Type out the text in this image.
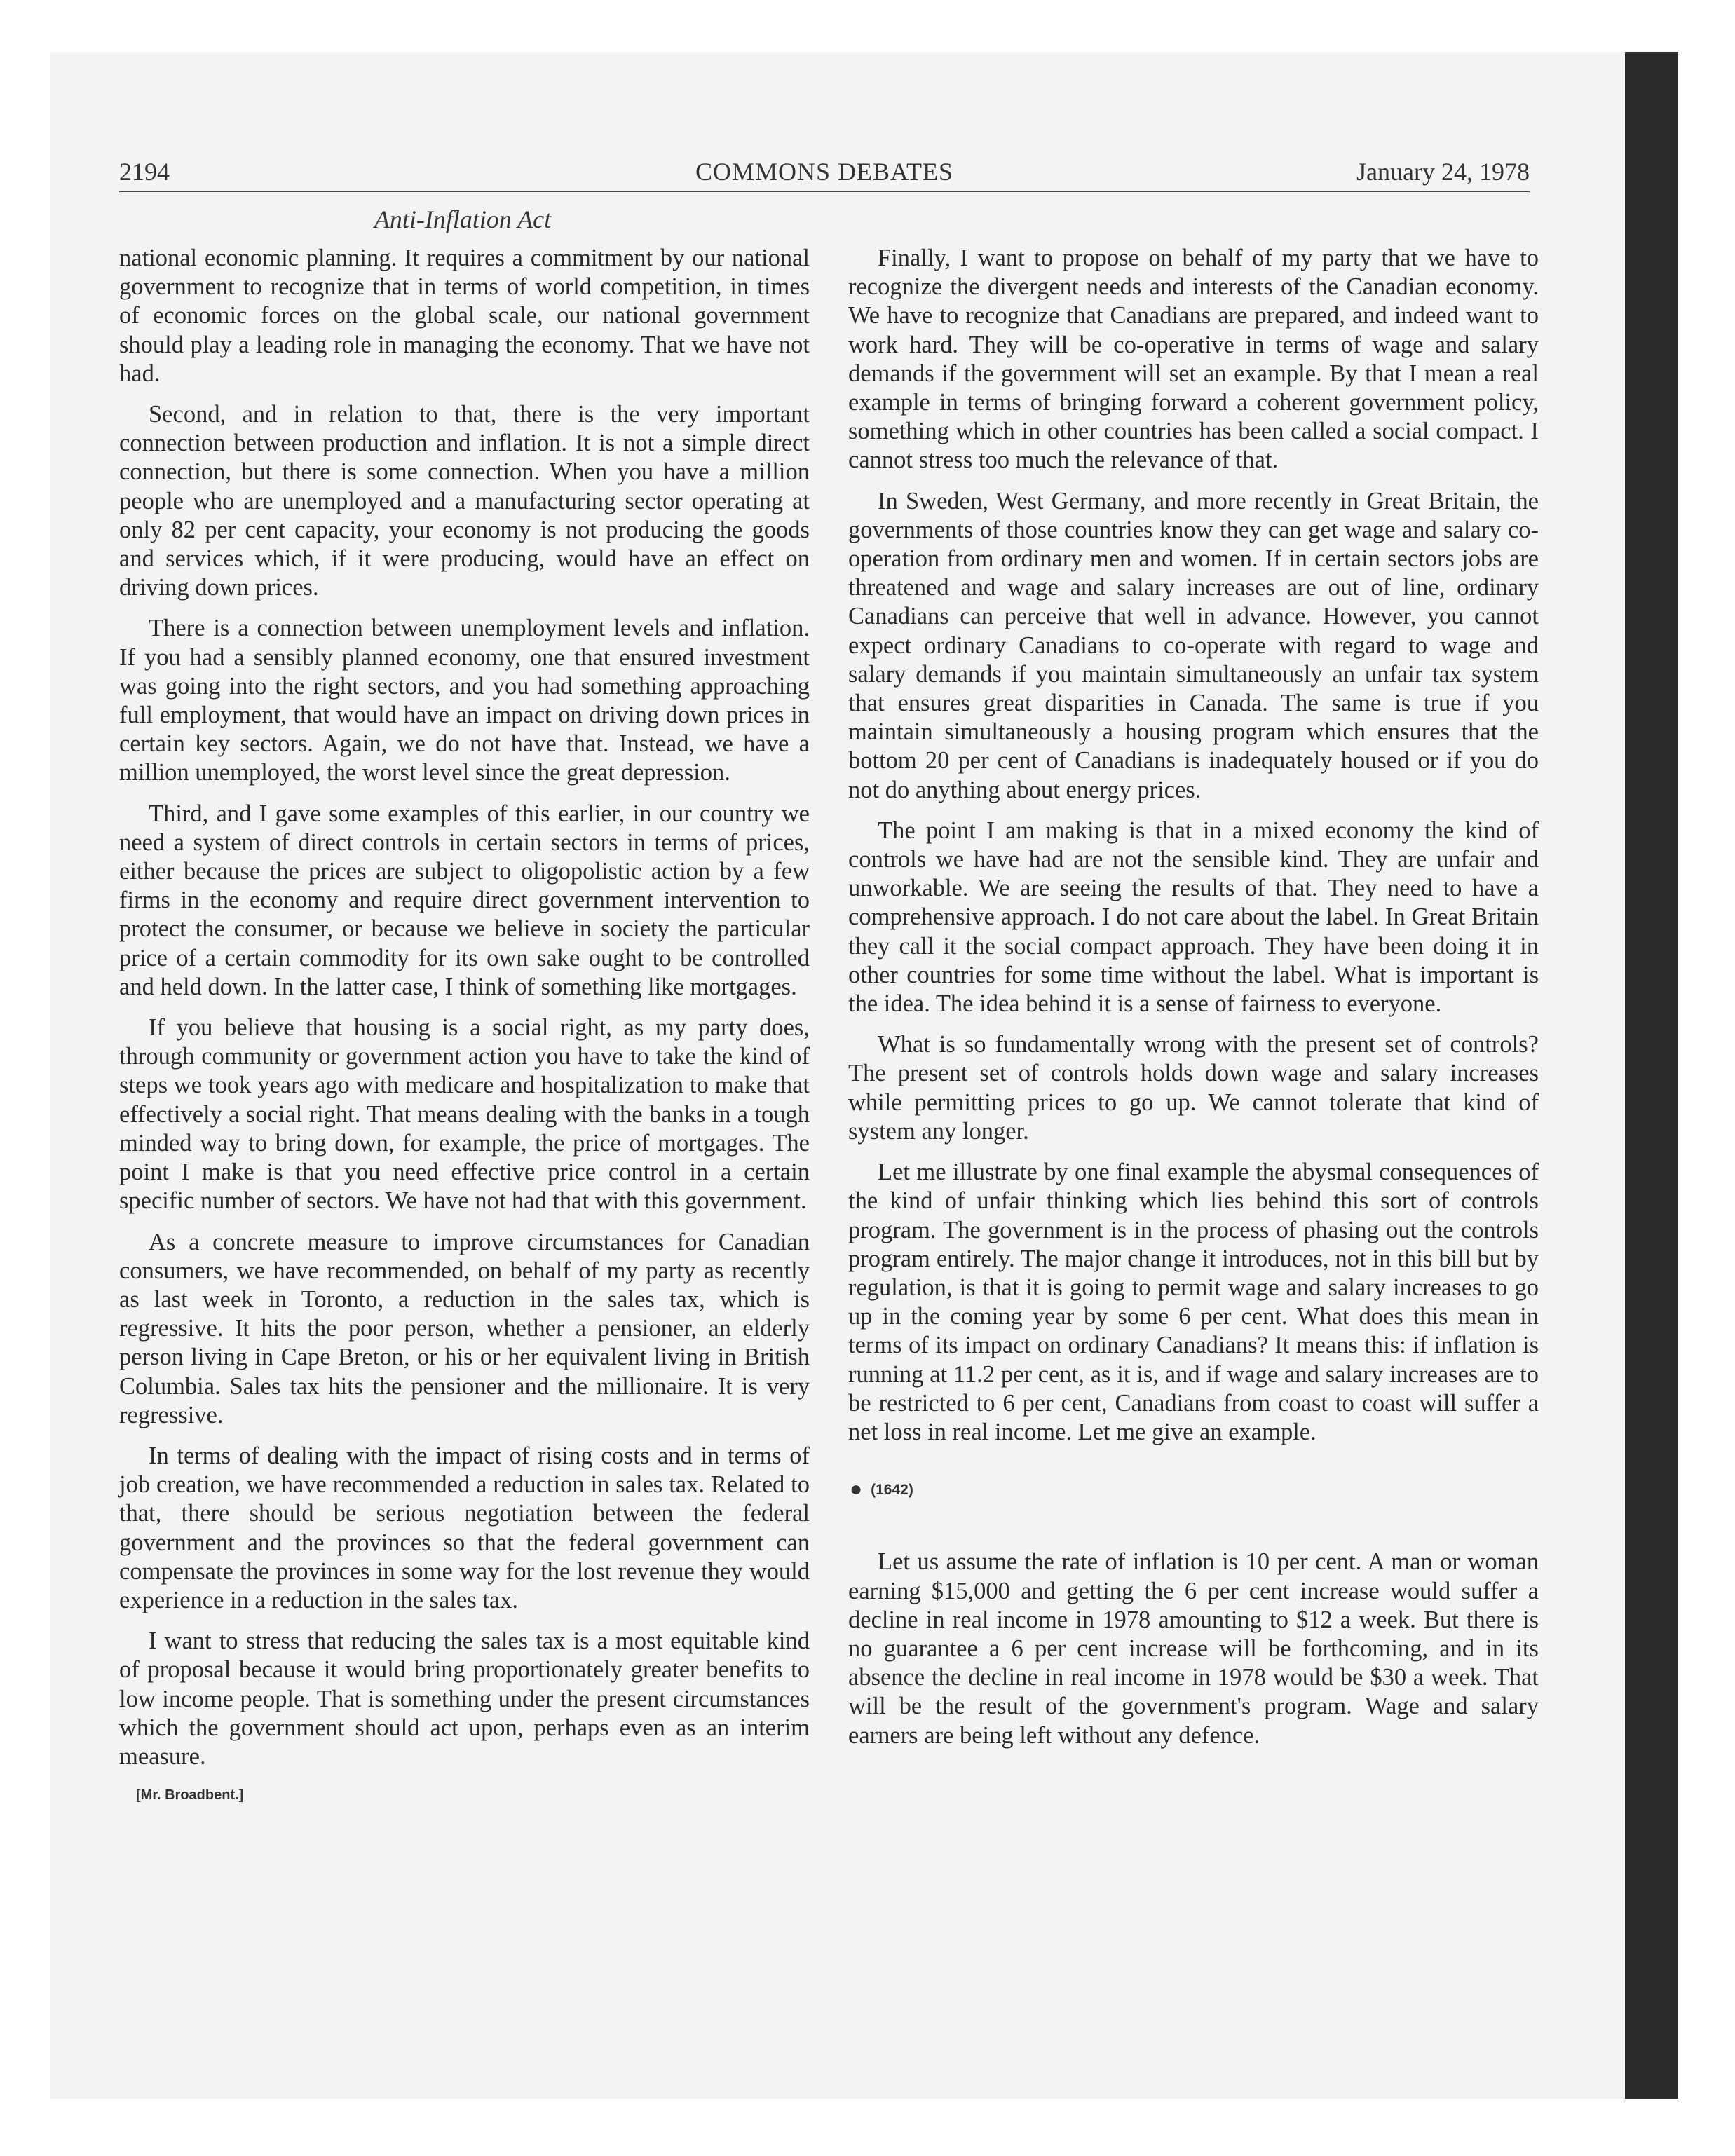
2194	COMMONS DEBATES	January 24, 1978
Anti-Inflation Act

national economic planning. It requires a commitment by our national government to recognize that in terms of world competition, in times of economic forces on the global scale, our national government should play a leading role in managing the economy. That we have not had.

Second, and in relation to that, there is the very important connection between production and inflation. It is not a simple direct connection, but there is some connection. When you have a million people who are unemployed and a manufacturing sector operating at only 82 per cent capacity, your economy is not producing the goods and services which, if it were producing, would have an effect on driving down prices.

There is a connection between unemployment levels and inflation. If you had a sensibly planned economy, one that ensured investment was going into the right sectors, and you had something approaching full employment, that would have an impact on driving down prices in certain key sectors. Again, we do not have that. Instead, we have a million unemployed, the worst level since the great depression.

Third, and I gave some examples of this earlier, in our country we need a system of direct controls in certain sectors in terms of prices, either because the prices are subject to oligopolistic action by a few firms in the economy and require direct government intervention to protect the consumer, or because we believe in society the particular price of a certain commodity for its own sake ought to be controlled and held down. In the latter case, I think of something like mortgages.

If you believe that housing is a social right, as my party does, through community or government action you have to take the kind of steps we took years ago with medicare and hospitalization to make that effectively a social right. That means dealing with the banks in a tough minded way to bring down, for example, the price of mortgages. The point I make is that you need effective price control in a certain specific number of sectors. We have not had that with this government.

As a concrete measure to improve circumstances for Canadian consumers, we have recommended, on behalf of my party as recently as last week in Toronto, a reduction in the sales tax, which is regressive. It hits the poor person, whether a pensioner, an elderly person living in Cape Breton, or his or her equivalent living in British Columbia. Sales tax hits the pensioner and the millionaire. It is very regressive.

In terms of dealing with the impact of rising costs and in terms of job creation, we have recommended a reduction in sales tax. Related to that, there should be serious negotiation between the federal government and the provinces so that the federal government can compensate the provinces in some way for the lost revenue they would experience in a reduction in the sales tax.

I want to stress that reducing the sales tax is a most equitable kind of proposal because it would bring proportionately greater benefits to low income people. That is something under the present circumstances which the government should act upon, perhaps even as an interim measure.

[Mr. Broadbent.]

Finally, I want to propose on behalf of my party that we have to recognize the divergent needs and interests of the Canadian economy. We have to recognize that Canadians are prepared, and indeed want to work hard. They will be co-operative in terms of wage and salary demands if the government will set an example. By that I mean a real example in terms of bringing forward a coherent government policy, something which in other countries has been called a social compact. I cannot stress too much the relevance of that.

In Sweden, West Germany, and more recently in Great Britain, the governments of those countries know they can get wage and salary co-operation from ordinary men and women. If in certain sectors jobs are threatened and wage and salary increases are out of line, ordinary Canadians can perceive that well in advance. However, you cannot expect ordinary Canadians to co-operate with regard to wage and salary demands if you maintain simultaneously an unfair tax system that ensures great disparities in Canada. The same is true if you maintain simultaneously a housing program which ensures that the bottom 20 per cent of Canadians is inadequately housed or if you do not do anything about energy prices.

The point I am making is that in a mixed economy the kind of controls we have had are not the sensible kind. They are unfair and unworkable. We are seeing the results of that. They need to have a comprehensive approach. I do not care about the label. In Great Britain they call it the social compact approach. They have been doing it in other countries for some time without the label. What is important is the idea. The idea behind it is a sense of fairness to everyone.

What is so fundamentally wrong with the present set of controls? The present set of controls holds down wage and salary increases while permitting prices to go up. We cannot tolerate that kind of system any longer.

Let me illustrate by one final example the abysmal consequences of the kind of unfair thinking which lies behind this sort of controls program. The government is in the process of phasing out the controls program entirely. The major change it introduces, not in this bill but by regulation, is that it is going to permit wage and salary increases to go up in the coming year by some 6 per cent. What does this mean in terms of its impact on ordinary Canadians? It means this: if inflation is running at 11.2 per cent, as it is, and if wage and salary increases are to be restricted to 6 per cent, Canadians from coast to coast will suffer a net loss in real income. Let me give an example.

● (1642)

Let us assume the rate of inflation is 10 per cent. A man or woman earning $15,000 and getting the 6 per cent increase would suffer a decline in real income in 1978 amounting to $12 a week. But there is no guarantee a 6 per cent increase will be forthcoming, and in its absence the decline in real income in 1978 would be $30 a week. That will be the result of the government's program. Wage and salary earners are being left without any defence.
